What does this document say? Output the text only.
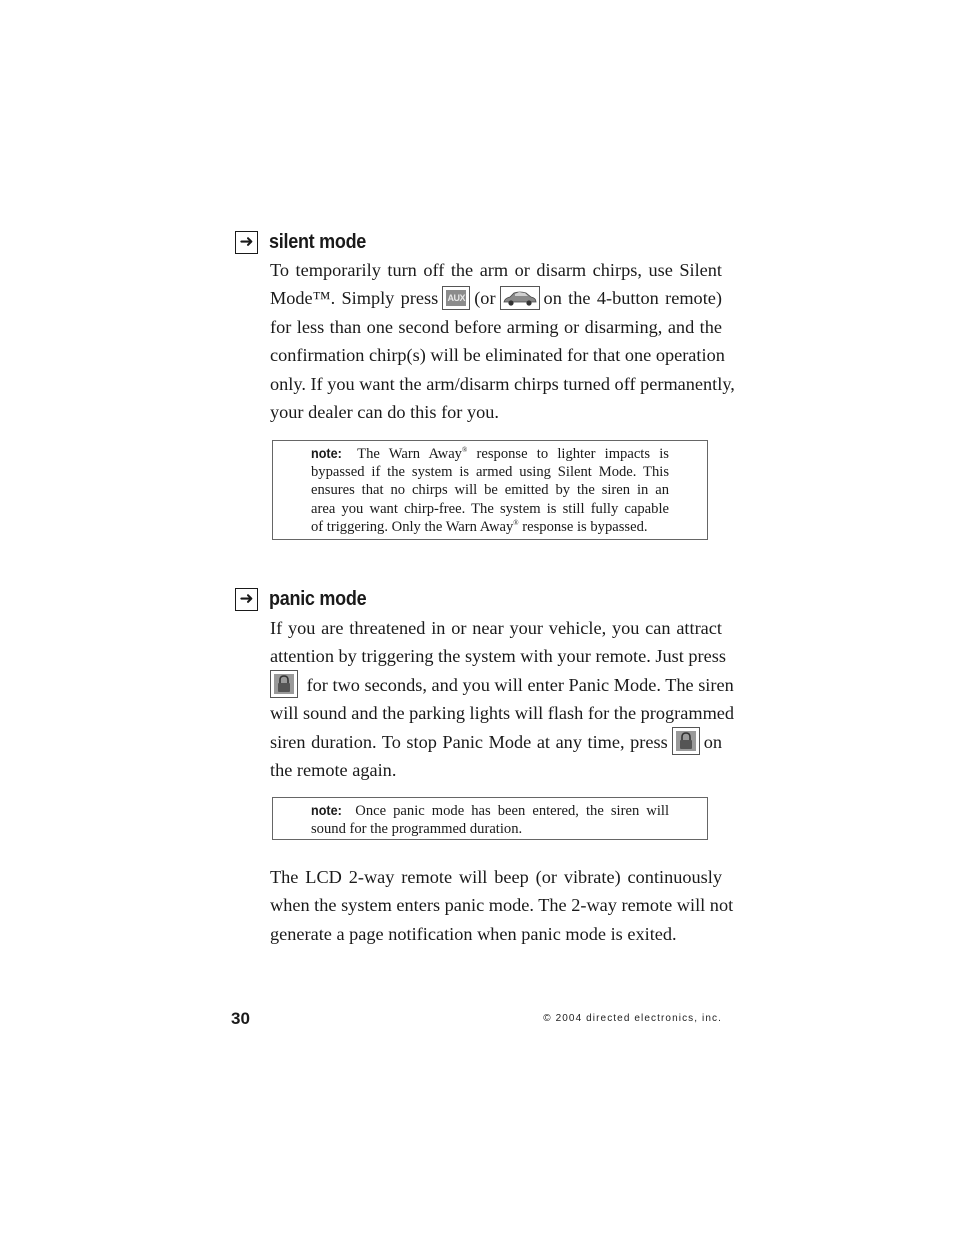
➜ silent mode
To temporarily turn off the arm or disarm chirps, use Silent
Mode™. Simply press AUX (or	on the 4-button remote)
for less than one second before arming or disarming, and the
confirmation chirp(s) will be eliminated for that one operation
only. If you want the arm/disarm chirps turned off permanently,
your dealer can do this for you.
note: The Warn Away® response to lighter impacts is
bypassed if the system is armed using Silent Mode. This
ensures that no chirps will be emitted by the siren in an
area you want chirp-free. The system is still fully capable
of triggering. Only the Warn Away® response is bypassed.
➜ panic mode
If you are threatened in or near your vehicle, you can attract
attention by triggering the system with your remote. Just press
for two seconds, and you will enter Panic Mode. The siren
will sound and the parking lights will flash for the programmed
siren duration. To stop Panic Mode at any time, press on
the remote again.
note: Once panic mode has been entered, the siren will
sound for the programmed duration.
The LCD 2-way remote will beep (or vibrate) continuously
when the system enters panic mode. The 2-way remote will not
generate a page notification when panic mode is exited.
30	© 2004 directed electronics, inc.
